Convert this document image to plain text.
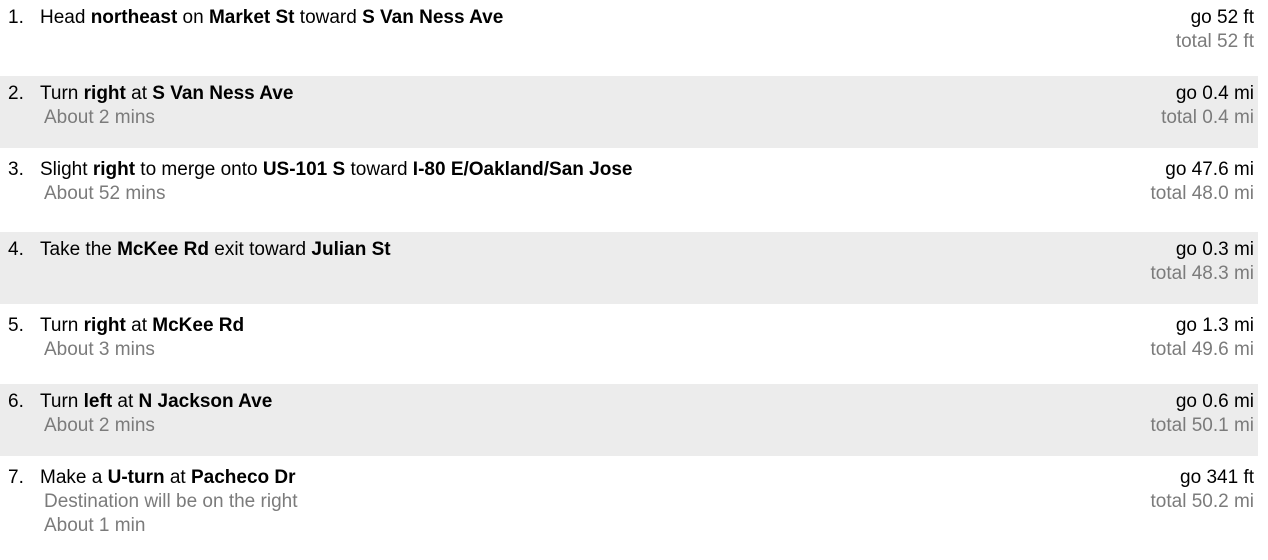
1. Head northeast on Market St toward S Van Ness Ave	go 52 ft
total 52 ft
2. Turn right at S Van Ness Ave
About 2 mins
go 0.4 mi
total 0.4 mi
3. Slight right to merge onto US-101 S toward I-80 E/Oakland/San Jose
About 52 mins
go 47.6 mi
total 48.0 mi
4. Take the McKee Rd exit toward Julian St	go 0.3 mi
total 48.3 mi
5. Turn right at McKee Rd
About 3 mins
go 1.3 mi
total 49.6 mi
6. Turn left at N Jackson Ave
About 2 mins
go 0.6 mi
total 50.1 mi
7. Make a U-turn at Pacheco Dr
Destination will be on the right
About 1 min
go 341 ft
total 50.2 mi
